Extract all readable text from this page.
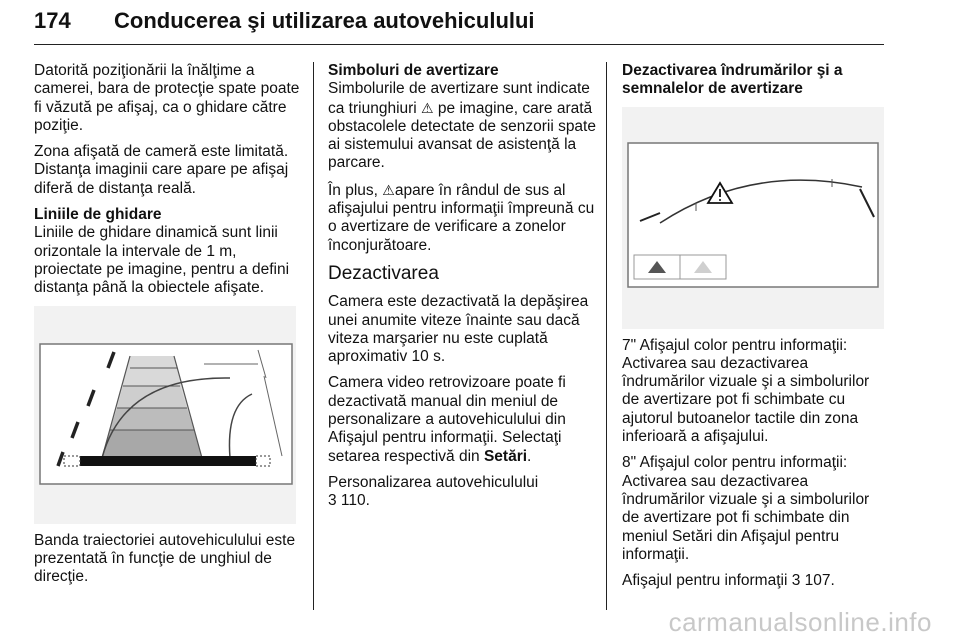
174 Conducerea şi utilizarea autovehiculului

Datorită poziţionării la înălţime a camerei, bara de protecţie spate poate fi văzută pe afişaj, ca o ghidare către poziţie.

Zona afişată de cameră este limitată. Distanţa imaginii care apare pe afişaj diferă de distanţa reală.

Liniile de ghidare

Liniile de ghidare dinamică sunt linii orizontale la intervale de 1 m, proiectate pe imagine, pentru a defini distanţa până la obiectele afişate.

Banda traiectoriei autovehiculului este prezentată în funcţie de unghiul de direcţie.

Simboluri de avertizare

Simbolurile de avertizare sunt indicate ca triunghiuri ⚠ pe imagine, care arată obstacolele detectate de senzorii spate ai sistemului avansat de asistenţă la parcare.

În plus, ⚠apare în rândul de sus al afişajului pentru informaţii împreună cu o avertizare de verificare a zonelor înconjurătoare.

Dezactivarea

Camera este dezactivată la depăşirea unei anumite viteze înainte sau dacă viteza marşarier nu este cuplată aproximativ 10 s.

Camera video retrovizoare poate fi dezactivată manual din meniul de personalizare a autovehiculului din Afişajul pentru informaţii. Selectaţi setarea respectivă din Setări.

Personalizarea autovehiculului
3 110.

Dezactivarea îndrumărilor şi a semnalelor de avertizare

7" Afişajul color pentru informaţii: Activarea sau dezactivarea îndrumărilor vizuale şi a simbolurilor de avertizare pot fi schimbate cu ajutorul butoanelor tactile din zona inferioară a afişajului.

8" Afişajul color pentru informaţii: Activarea sau dezactivarea îndrumărilor vizuale şi a simbolurilor de avertizare pot fi schimbate din meniul Setări din Afişajul pentru informaţii.

Afişajul pentru informaţii 3 107.

carmanualsonline.info
